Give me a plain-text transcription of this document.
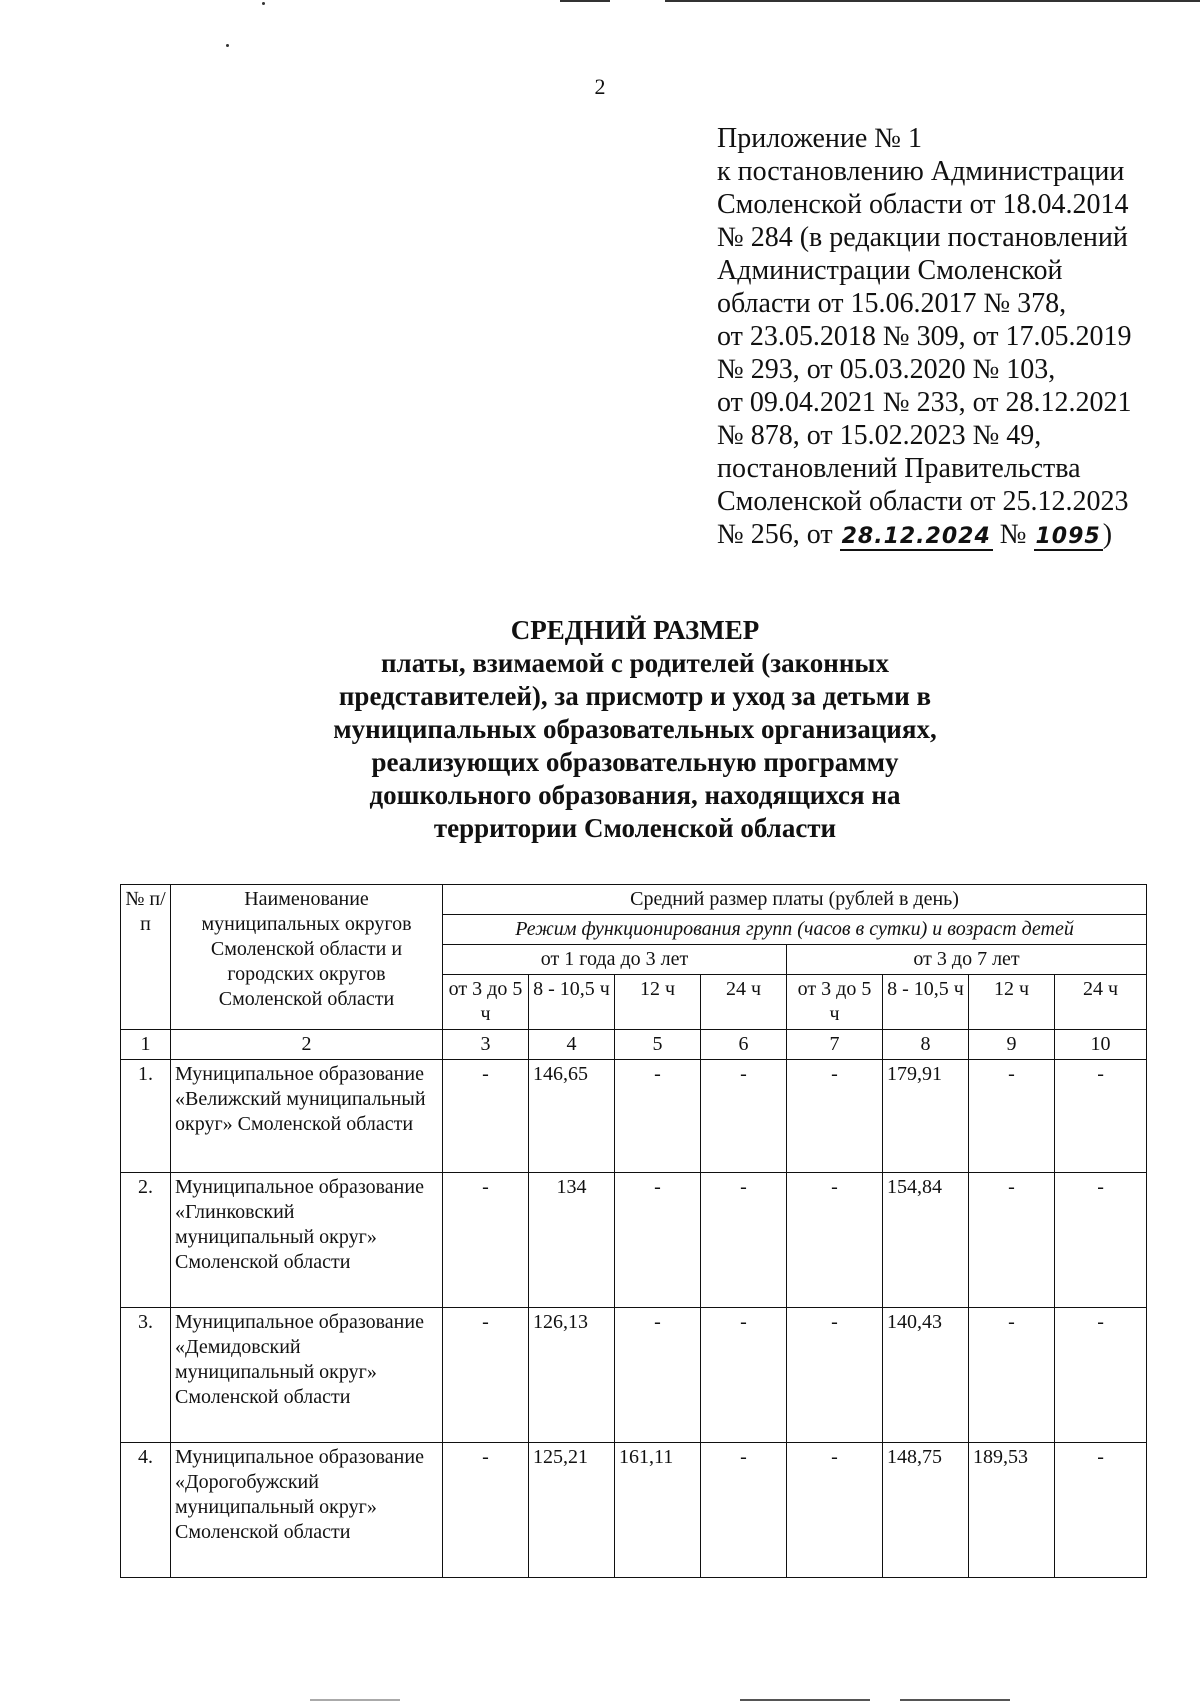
2
Приложение № 1
к постановлению Администрации
Смоленской области от 18.04.2014
№ 284 (в редакции постановлений
Администрации Смоленской
области от 15.06.2017 № 378,
от 23.05.2018 № 309, от 17.05.2019
№ 293, от 05.03.2020 № 103,
от 09.04.2021 № 233, от 28.12.2021
№ 878, от 15.02.2023 № 49,
постановлений Правительства
Смоленской области от 25.12.2023
№ 256, от 28.12.2024 № 1095)
СРЕДНИЙ РАЗМЕР
платы, взимаемой с родителей (законных
представителей), за присмотр и уход за детьми в
муниципальных образовательных организациях,
реализующих образовательную программу
дошкольного образования, находящихся на
территории Смоленской области
№ п/п	Наименование муниципальных округов Смоленской области и городских округов Смоленской области	Средний размер платы (рублей в день)							
		Режим функционирования групп (часов в сутки) и возраст детей							
		от 1 года до 3 лет				от 3 до 7 лет			
		от 3 до 5 ч	8 - 10,5 ч	12 ч	24 ч	от 3 до 5 ч	8 - 10,5 ч	12 ч	24 ч
1	2	3	4	5	6	7	8	9	10
1.	Муниципальное образование «Велижский муниципальный округ» Смоленской области	-	146,65	-	-	-	179,91	-	-
2.	Муниципальное образование «Глинковский муниципальный округ» Смоленской области	-	134	-	-	-	154,84	-	-
3.	Муниципальное образование «Демидовский муниципальный округ» Смоленской области	-	126,13	-	-	-	140,43	-	-
4.	Муниципальное образование «Дорогобужский муниципальный округ» Смоленской области	-	125,21	161,11	-	-	148,75	189,53	-
